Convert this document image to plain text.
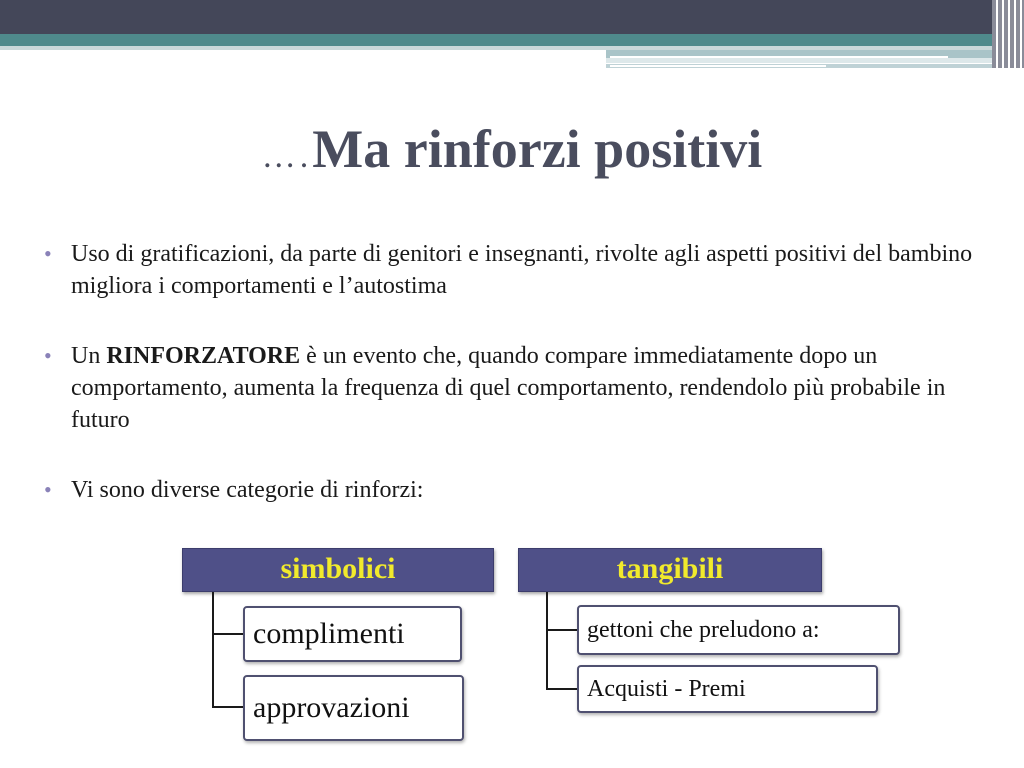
….Ma rinforzi positivi
• Uso di gratificazioni, da parte di genitori e insegnanti, rivolte agli aspetti positivi del bambino migliora i comportamenti e l’autostima
• Un RINFORZATORE è un evento che, quando compare immediatamente dopo un comportamento, aumenta la frequenza di quel comportamento, rendendolo più probabile in futuro
• Vi sono diverse categorie di rinforzi:
simbolici
complimenti
approvazioni
tangibili
gettoni che preludono a:
Acquisti - Premi
